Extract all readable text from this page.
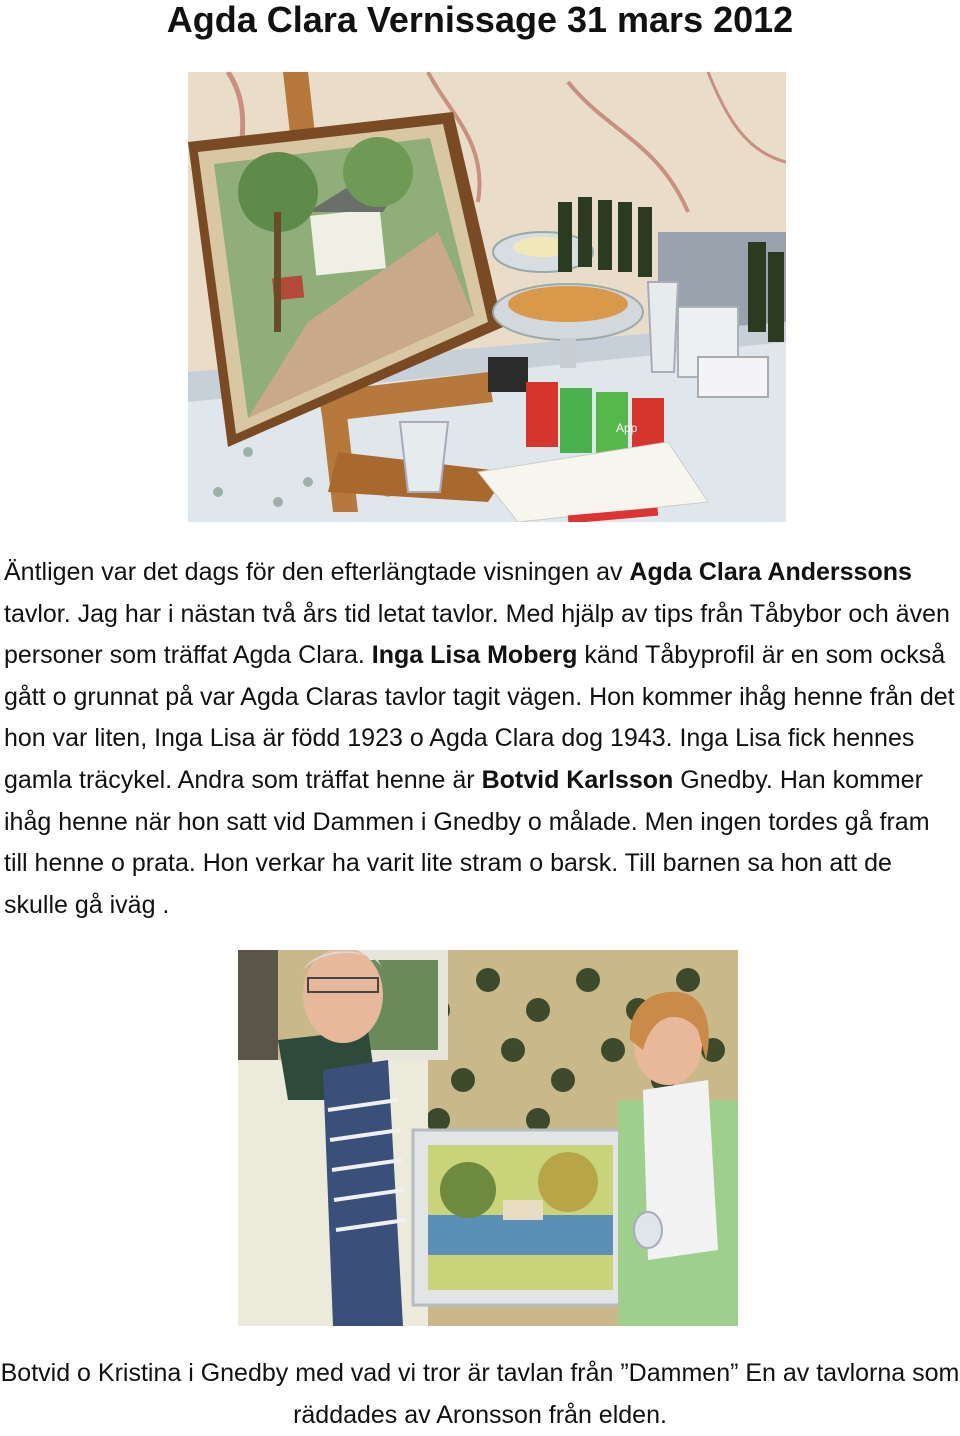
Agda Clara Vernissage 31 mars 2012
App

Äntligen var det dags för den efterlängtade visningen av Agda Clara Anderssons tavlor. Jag har i nästan två års tid letat tavlor. Med hjälp av tips från Tåbybor och även personer som träffat Agda Clara. Inga Lisa Moberg känd Tåbyprofil är en som också gått o grunnat på var Agda Claras tavlor tagit vägen. Hon kommer ihåg henne från det hon var liten, Inga Lisa är född 1923 o Agda Clara dog 1943. Inga Lisa fick hennes gamla träcykel. Andra som träffat henne är Botvid Karlsson Gnedby. Han kommer ihåg henne när hon satt vid Dammen i Gnedby o målade. Men ingen tordes gå fram till henne o prata. Hon verkar ha varit lite stram o barsk. Till barnen sa hon att de skulle gå iväg .

Botvid o Kristina i Gnedby med vad vi tror är tavlan från ”Dammen” En av tavlorna som räddades av Aronsson från elden.
